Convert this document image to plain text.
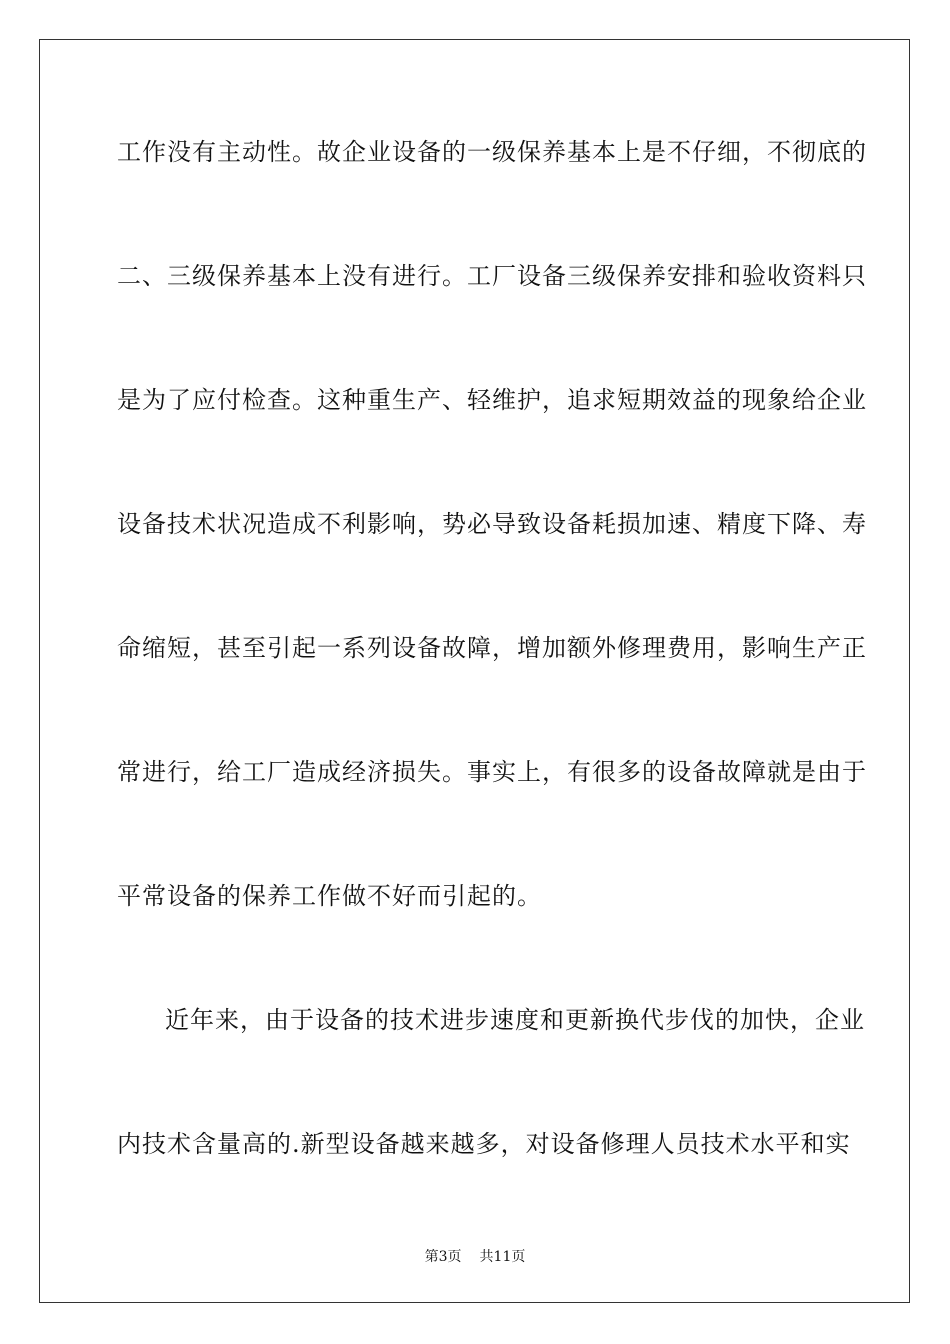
工作没有主动性。故企业设备的一级保养基本上是不仔细，不彻底的
二、三级保养基本上没有进行。工厂设备三级保养安排和验收资料只
是为了应付检查。这种重生产、轻维护，追求短期效益的现象给企业
设备技术状况造成不利影响，势必导致设备耗损加速、精度下降、寿
命缩短，甚至引起一系列设备故障，增加额外修理费用，影响生产正
常进行，给工厂造成经济损失。事实上，有很多的设备故障就是由于
平常设备的保养工作做不好而引起的。
近年来，由于设备的技术进步速度和更新换代步伐的加快，企业
内技术含量高的.新型设备越来越多，对设备修理人员技术水平和实
第3页 共11页
